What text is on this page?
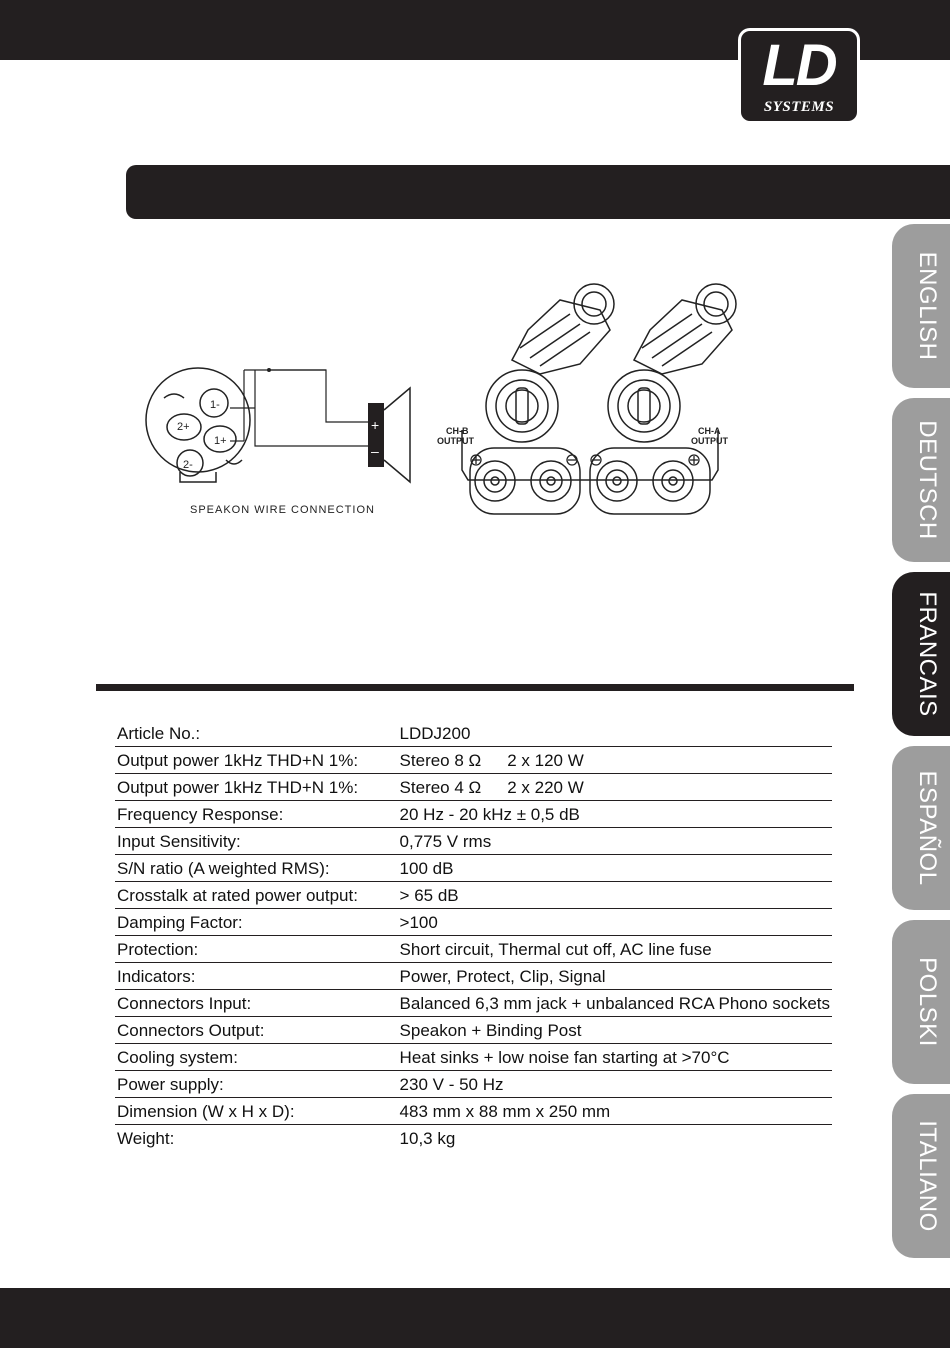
LD
SYSTEMS
1-
2+
1+
2-
+
–
SPEAKON WIRE CONNECTION
CH-B
OUTPUT
CH-A
OUTPUT
Article No.:	LDDJ200
Output power 1kHz THD+N 1%:	Stereo 8 Ω 2 x 120 W
Output power 1kHz THD+N 1%:	Stereo 4 Ω 2 x 220 W
Frequency Response:	20 Hz - 20 kHz ± 0,5 dB
Input Sensitivity:	0,775 V rms
S/N ratio (A weighted RMS):	100 dB
Crosstalk at rated power output:	> 65 dB
Damping Factor:	>100
Protection:	Short circuit, Thermal cut off, AC line fuse
Indicators:	Power, Protect, Clip, Signal
Connectors Input:	Balanced 6,3 mm jack + unbalanced RCA Phono sockets
Connectors Output:	Speakon + Binding Post
Cooling system:	Heat sinks + low noise fan starting at >70°C
Power supply:	230 V - 50 Hz
Dimension (W x H x D):	483 mm x 88 mm x 250 mm
Weight:	10,3 kg
ENGLISH
DEUTSCH
FRANCAIS
ESPAÑOL
POLSKI
ITALIANO
